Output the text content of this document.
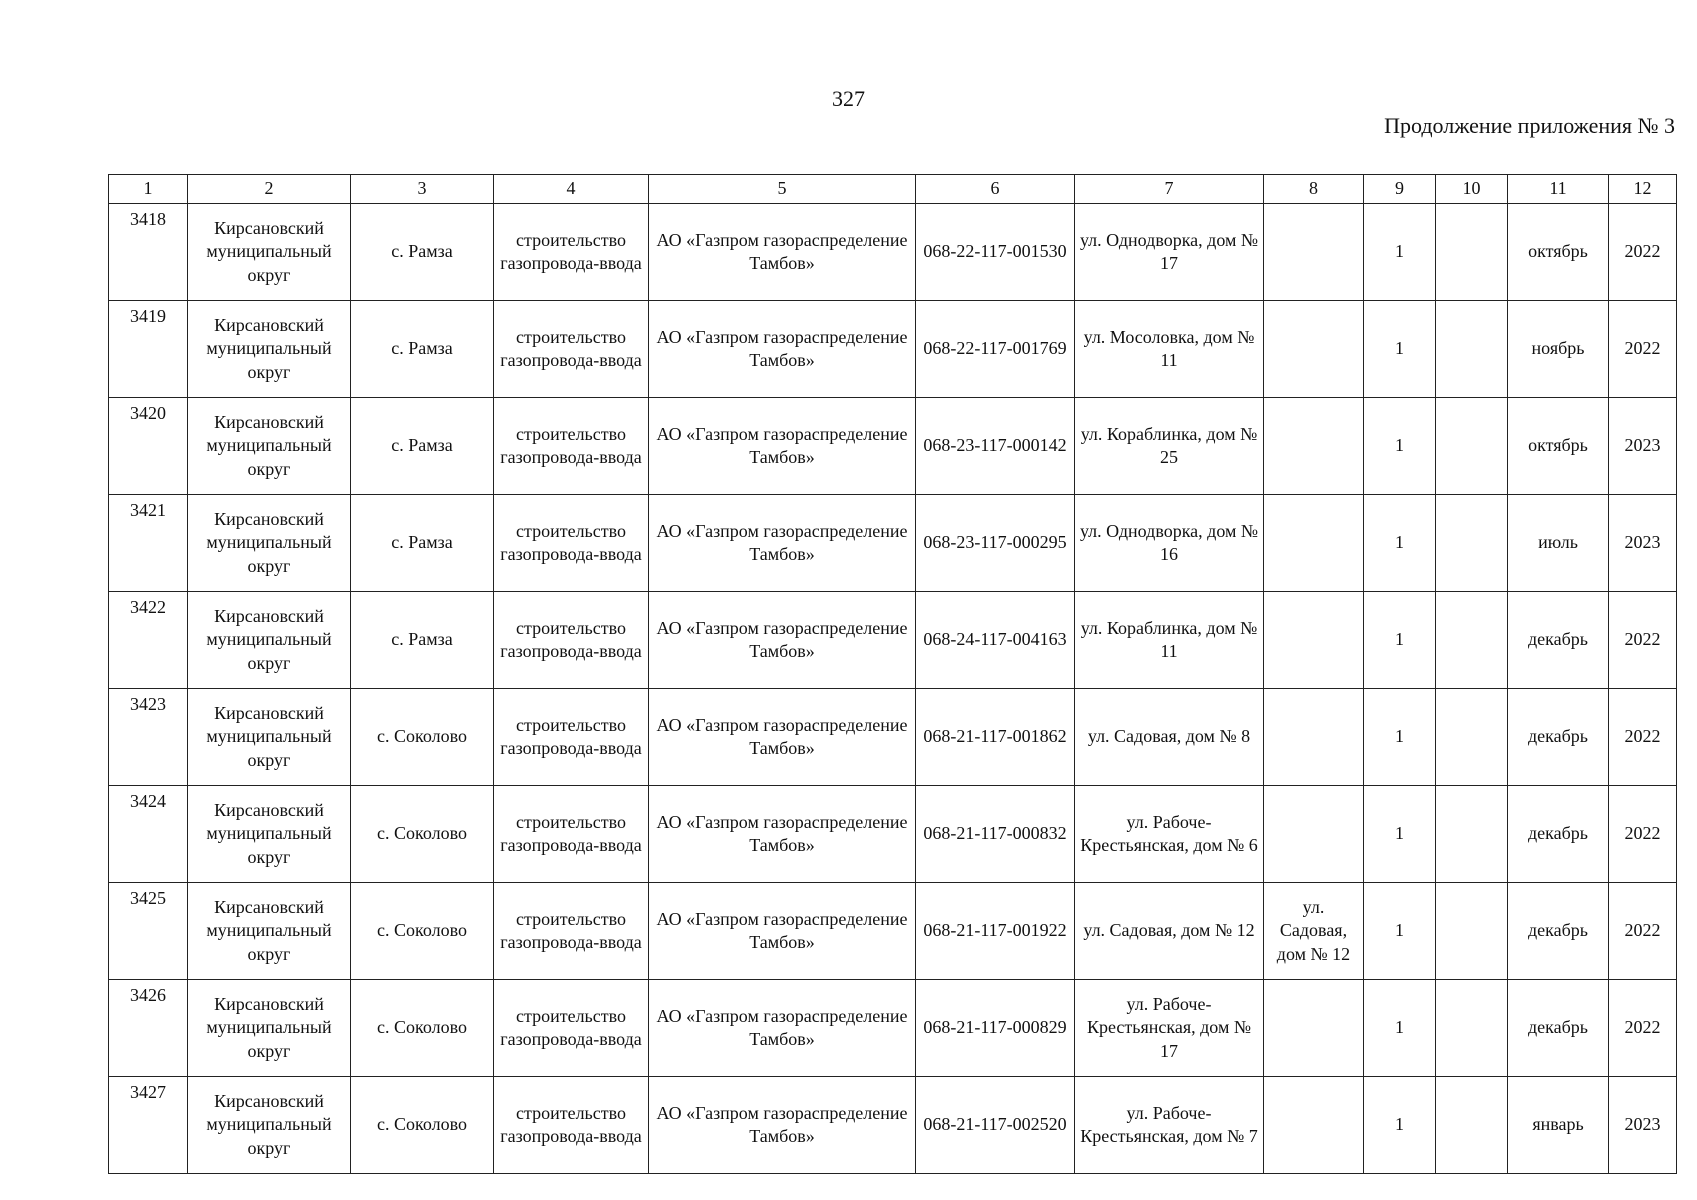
327
Продолжение приложения № 3
1	2	3	4	5	6	7	8	9	10	11	12
3418	Кирсановский муниципальный округ	с. Рамза	строительство газопровода-ввода	АО «Газпром газораспределение Тамбов»	068-22-117-001530	ул. Однодворка, дом № 17		1		октябрь	2022
3419	Кирсановский муниципальный округ	с. Рамза	строительство газопровода-ввода	АО «Газпром газораспределение Тамбов»	068-22-117-001769	ул. Мосоловка, дом № 11		1		ноябрь	2022
3420	Кирсановский муниципальный округ	с. Рамза	строительство газопровода-ввода	АО «Газпром газораспределение Тамбов»	068-23-117-000142	ул. Кораблинка, дом № 25		1		октябрь	2023
3421	Кирсановский муниципальный округ	с. Рамза	строительство газопровода-ввода	АО «Газпром газораспределение Тамбов»	068-23-117-000295	ул. Однодворка, дом № 16		1		июль	2023
3422	Кирсановский муниципальный округ	с. Рамза	строительство газопровода-ввода	АО «Газпром газораспределение Тамбов»	068-24-117-004163	ул. Кораблинка, дом № 11		1		декабрь	2022
3423	Кирсановский муниципальный округ	с. Соколово	строительство газопровода-ввода	АО «Газпром газораспределение Тамбов»	068-21-117-001862	ул. Садовая, дом № 8		1		декабрь	2022
3424	Кирсановский муниципальный округ	с. Соколово	строительство газопровода-ввода	АО «Газпром газораспределение Тамбов»	068-21-117-000832	ул. Рабоче-Крестьянская, дом № 6		1		декабрь	2022
3425	Кирсановский муниципальный округ	с. Соколово	строительство газопровода-ввода	АО «Газпром газораспределение Тамбов»	068-21-117-001922	ул. Садовая, дом № 12	ул. Садовая, дом № 12	1		декабрь	2022
3426	Кирсановский муниципальный округ	с. Соколово	строительство газопровода-ввода	АО «Газпром газораспределение Тамбов»	068-21-117-000829	ул. Рабоче-Крестьянская, дом № 17		1		декабрь	2022
3427	Кирсановский муниципальный округ	с. Соколово	строительство газопровода-ввода	АО «Газпром газораспределение Тамбов»	068-21-117-002520	ул. Рабоче-Крестьянская, дом № 7		1		январь	2023
